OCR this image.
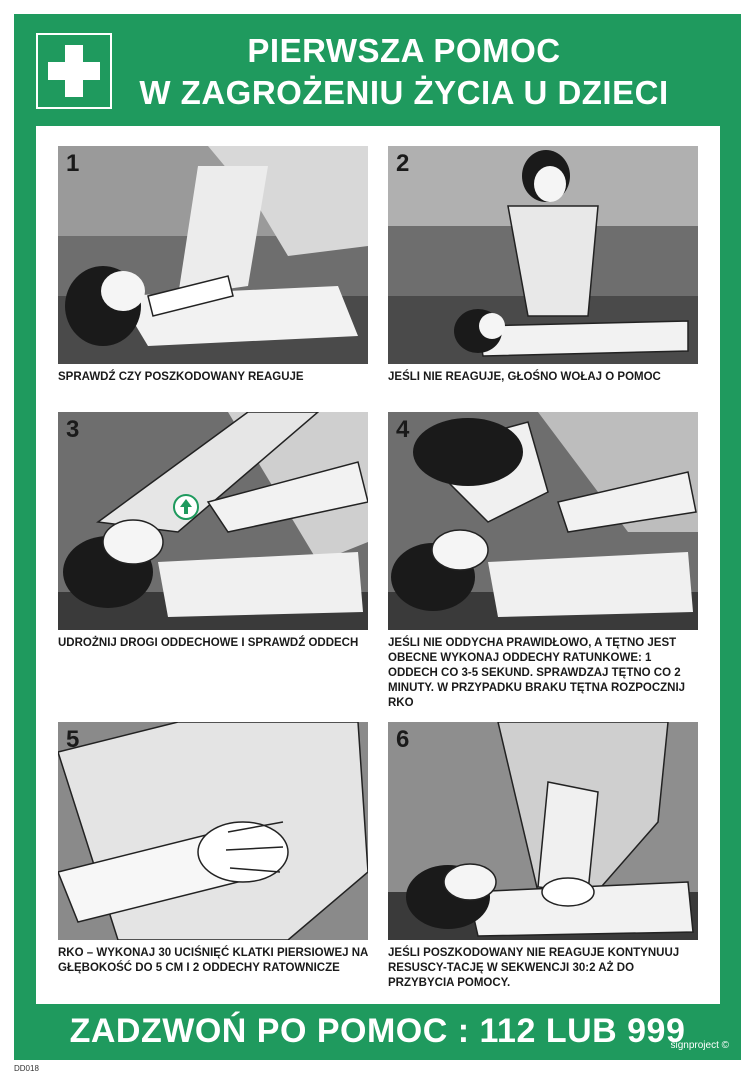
PIERWSZA POMOC
W ZAGROŻENIU ŻYCIA U DZIECI
1
SPRAWDŹ CZY POSZKODOWANY REAGUJE
2
JEŚLI NIE REAGUJE, GŁOŚNO WOŁAJ O POMOC
3
UDROŻNIJ DROGI ODDECHOWE I SPRAWDŹ ODDECH
4
JEŚLI NIE ODDYCHA PRAWIDŁOWO, A TĘTNO JEST OBECNE WYKONAJ ODDECHY RATUNKOWE: 1 ODDECH CO 3-5 SEKUND. SPRAWDZAJ TĘTNO CO 2 MINUTY. W PRZYPADKU BRAKU TĘTNA ROZPOCZNIJ RKO
5
RKO – WYKONAJ 30 UCIŚNIĘĆ KLATKI PIERSIOWEJ NA GŁĘBOKOŚĆ DO 5 CM I 2 ODDECHY RATOWNICZE
6
JEŚLI POSZKODOWANY NIE REAGUJE KONTYNUUJ RESUSCY-TACJĘ W SEKWENCJI 30:2 AŻ DO PRZYBYCIA POMOCY.
ZADZWOŃ PO POMOC : 112 LUB 999
signproject ©
DD018
